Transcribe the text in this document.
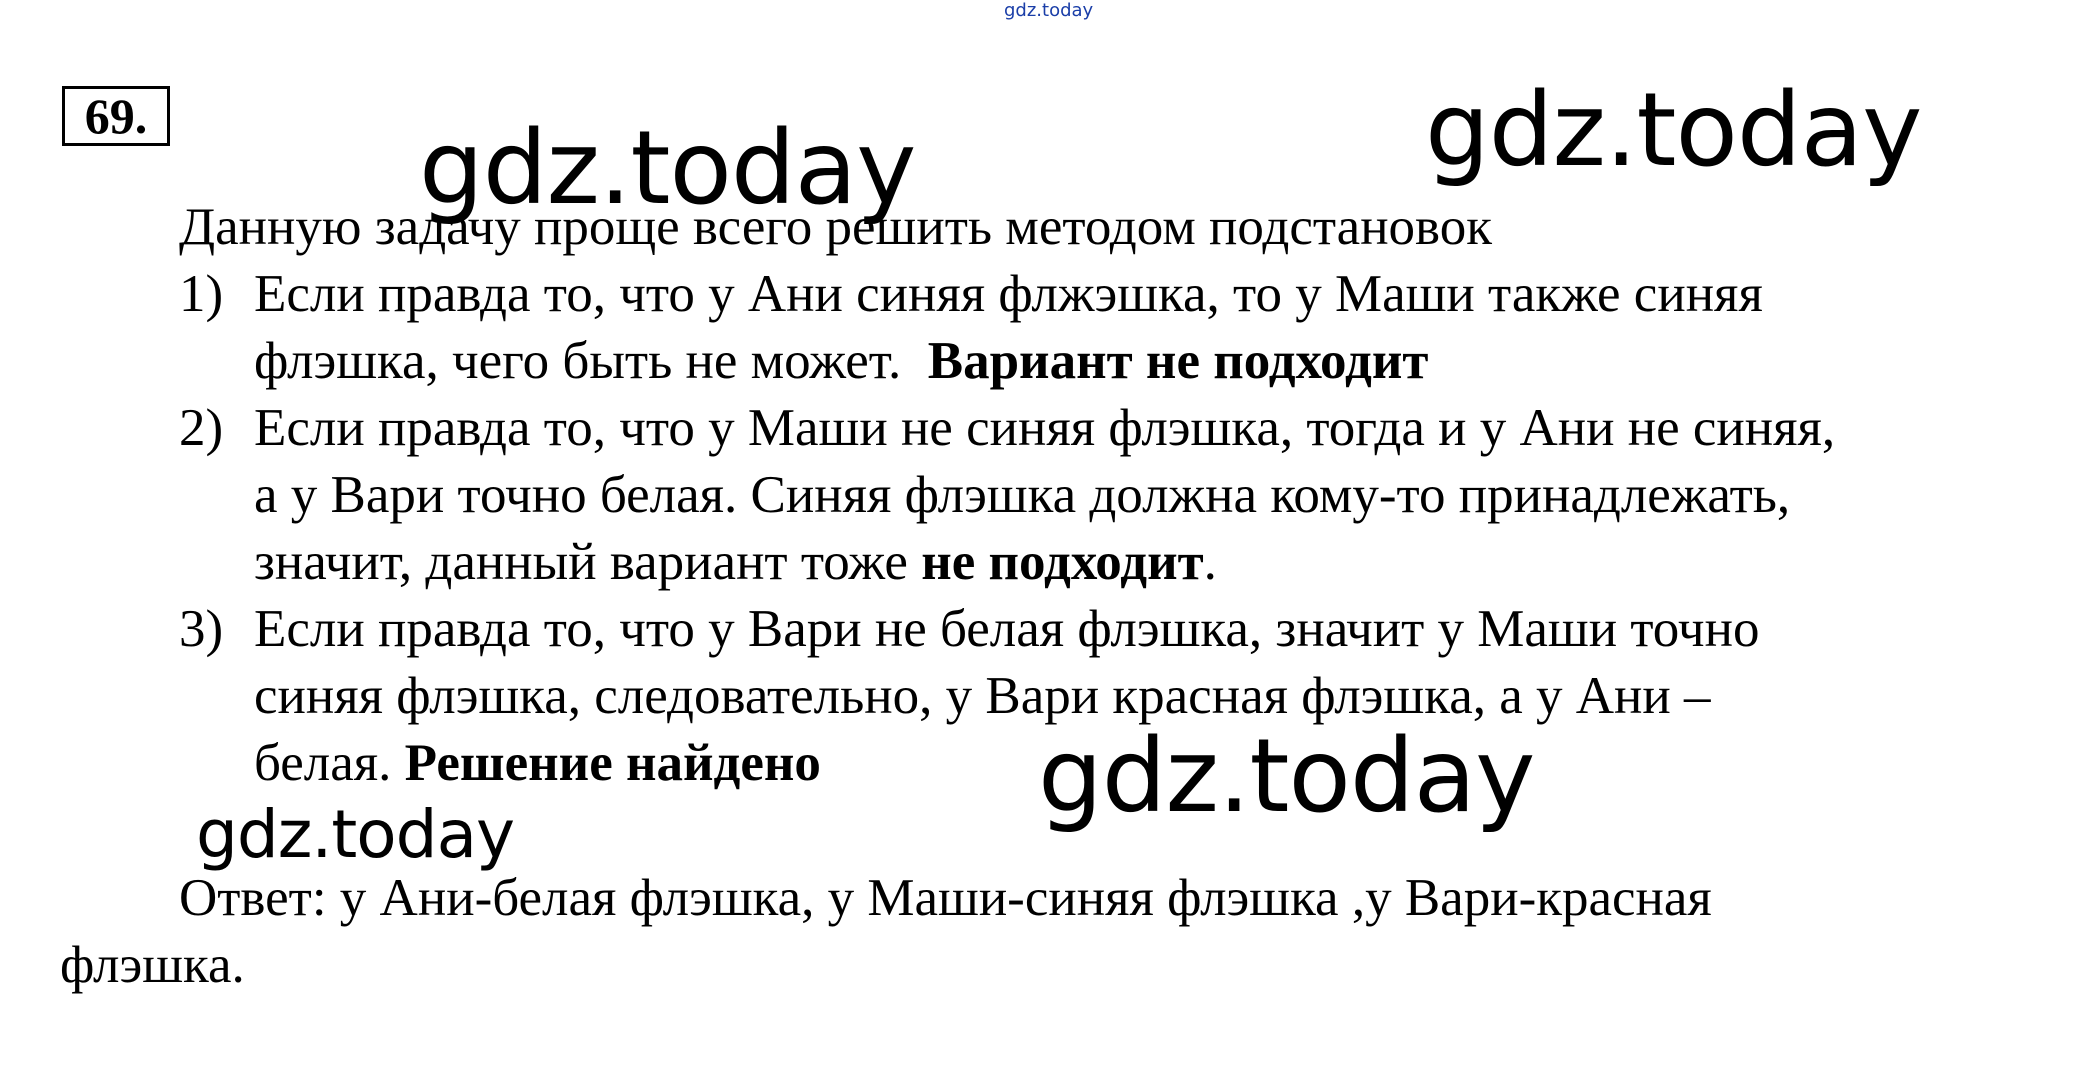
gdz.today
69.	gdz.today	gdz.today
Данную задачу проще всего решить методом подстановок
1) Если правда то, что у Ани синяя флжэшка, то у Маши также синяя
флэшка, чего быть не может.  Вариант не подходит
2) Если правда то, что у Маши не синяя флэшка, тогда и у Ани не синяя,
а у Вари точно белая. Синяя флэшка должна кому-то принадлежать,
значит, данный вариант тоже не подходит.
3) Если правда то, что у Вари не белая флэшка, значит у Маши точно
синяя флэшка, следовательно, у Вари красная флэшка, а у Ани –
белая. Решение найдено	gdz.today
gdz.today
Ответ: у Ани-белая флэшка, у Маши-синяя флэшка ,у Вари-красная
флэшка.
